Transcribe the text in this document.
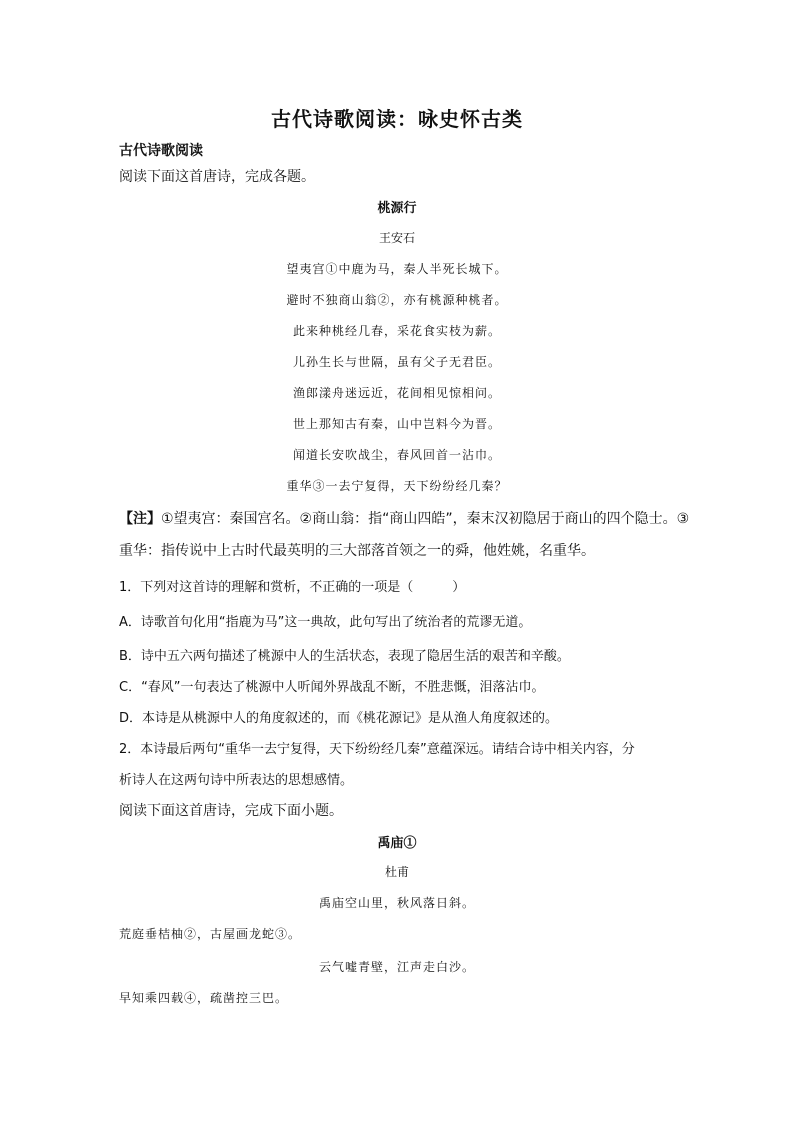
古代诗歌阅读：咏史怀古类
古代诗歌阅读
阅读下面这首唐诗，完成各题。
桃源行
王安石
望夷宫①中鹿为马，秦人半死长城下。
避时不独商山翁②，亦有桃源种桃者。
此来种桃经几春，采花食实枝为薪。
儿孙生长与世隔，虽有父子无君臣。
渔郎漾舟迷远近，花间相见惊相问。
世上那知古有秦，山中岂料今为晋。
闻道长安吹战尘，春风回首一沾巾。
重华③一去宁复得，天下纷纷经几秦？
【注】①望夷宫：秦国宫名。②商山翁：指“商山四皓”，秦末汉初隐居于商山的四个隐士。③
重华：指传说中上古时代最英明的三大部落首领之一的舜，他姓姚，名重华。
1．下列对这首诗的理解和赏析，不正确的一项是（　　　）
A．诗歌首句化用“指鹿为马”这一典故，此句写出了统治者的荒谬无道。
B．诗中五六两句描述了桃源中人的生活状态，表现了隐居生活的艰苦和辛酸。
C．“春风”一句表达了桃源中人听闻外界战乱不断，不胜悲慨，泪落沾巾。
D．本诗是从桃源中人的角度叙述的，而《桃花源记》是从渔人角度叙述的。
2．本诗最后两句“重华一去宁复得，天下纷纷经几秦”意蕴深远。请结合诗中相关内容，分
析诗人在这两句诗中所表达的思想感情。
阅读下面这首唐诗，完成下面小题。
禹庙①
杜甫
禹庙空山里，秋风落日斜。
荒庭垂桔柚②，古屋画龙蛇③。
云气嘘青壁，江声走白沙。
早知乘四载④，疏凿控三巴。
